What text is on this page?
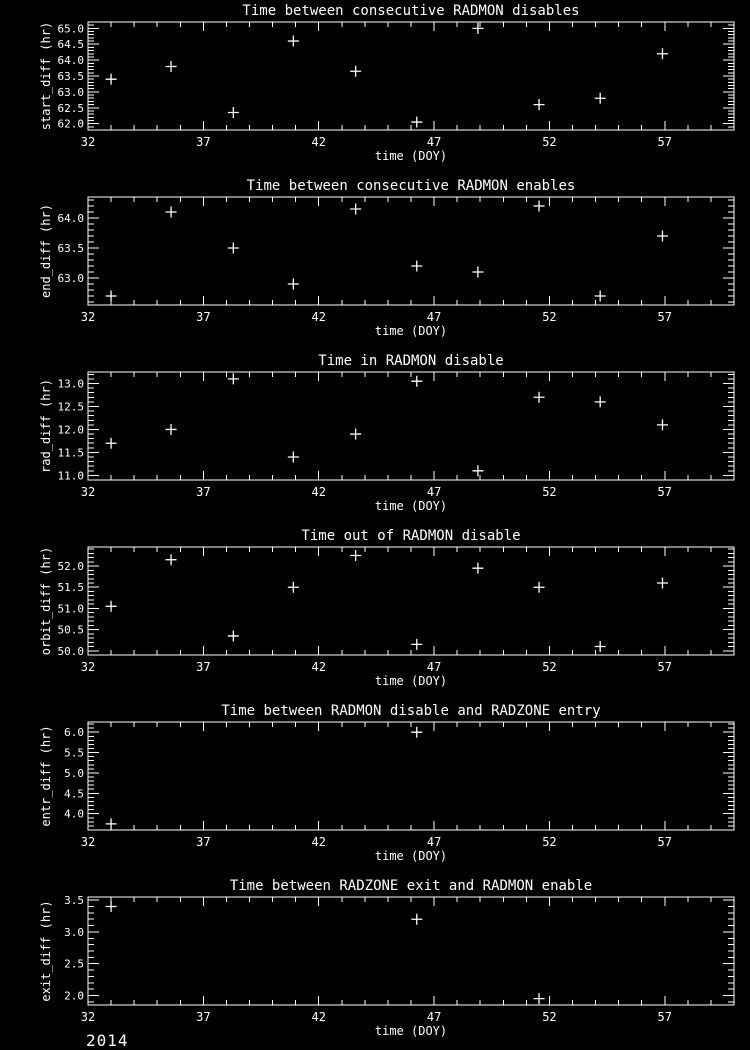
Time between consecutive RADMON disables
62.0
62.5
63.0
63.5
64.0
64.5
65.0
32	37	42	47	52	57
time (DOY)
start_diff (hr)
Time between consecutive RADMON enables
63.0
63.5
64.0
32	37	42	47	52	57
time (DOY)
end_diff (hr)
Time in RADMON disable
11.0
11.5
12.0
12.5
13.0
32	37	42	47	52	57
time (DOY)
rad_diff (hr)
Time out of RADMON disable
50.0
50.5
51.0
51.5
52.0
32	37	42	47	52	57
time (DOY)
orbit_diff (hr)
Time between RADMON disable and RADZONE entry
4.0
4.5
5.0
5.5
6.0
32	37	42	47	52	57
time (DOY)
entr_diff (hr)
Time between RADZONE exit and RADMON enable
2.0
2.5
3.0
3.5
32	37	42	47	52	57
time (DOY)
exit_diff (hr)
2014
